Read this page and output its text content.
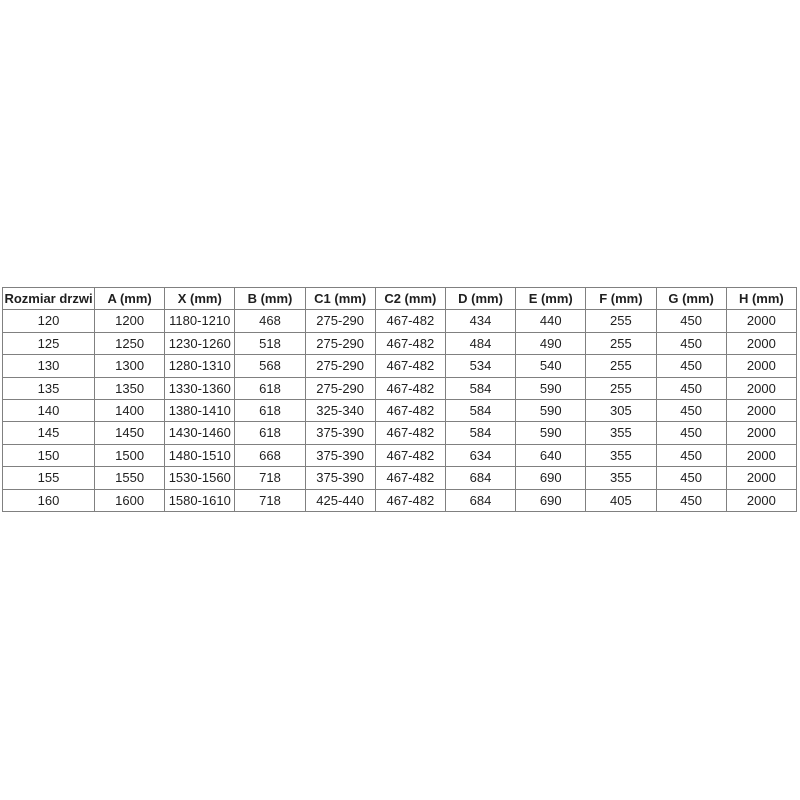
Rozmiar drzwi	A (mm)	X (mm)	B (mm)	C1 (mm)	C2 (mm)	D (mm)	E (mm)	F (mm)	G (mm)	H (mm)
120	1200	1180-1210	468	275-290	467-482	434	440	255	450	2000
125	1250	1230-1260	518	275-290	467-482	484	490	255	450	2000
130	1300	1280-1310	568	275-290	467-482	534	540	255	450	2000
135	1350	1330-1360	618	275-290	467-482	584	590	255	450	2000
140	1400	1380-1410	618	325-340	467-482	584	590	305	450	2000
145	1450	1430-1460	618	375-390	467-482	584	590	355	450	2000
150	1500	1480-1510	668	375-390	467-482	634	640	355	450	2000
155	1550	1530-1560	718	375-390	467-482	684	690	355	450	2000
160	1600	1580-1610	718	425-440	467-482	684	690	405	450	2000
